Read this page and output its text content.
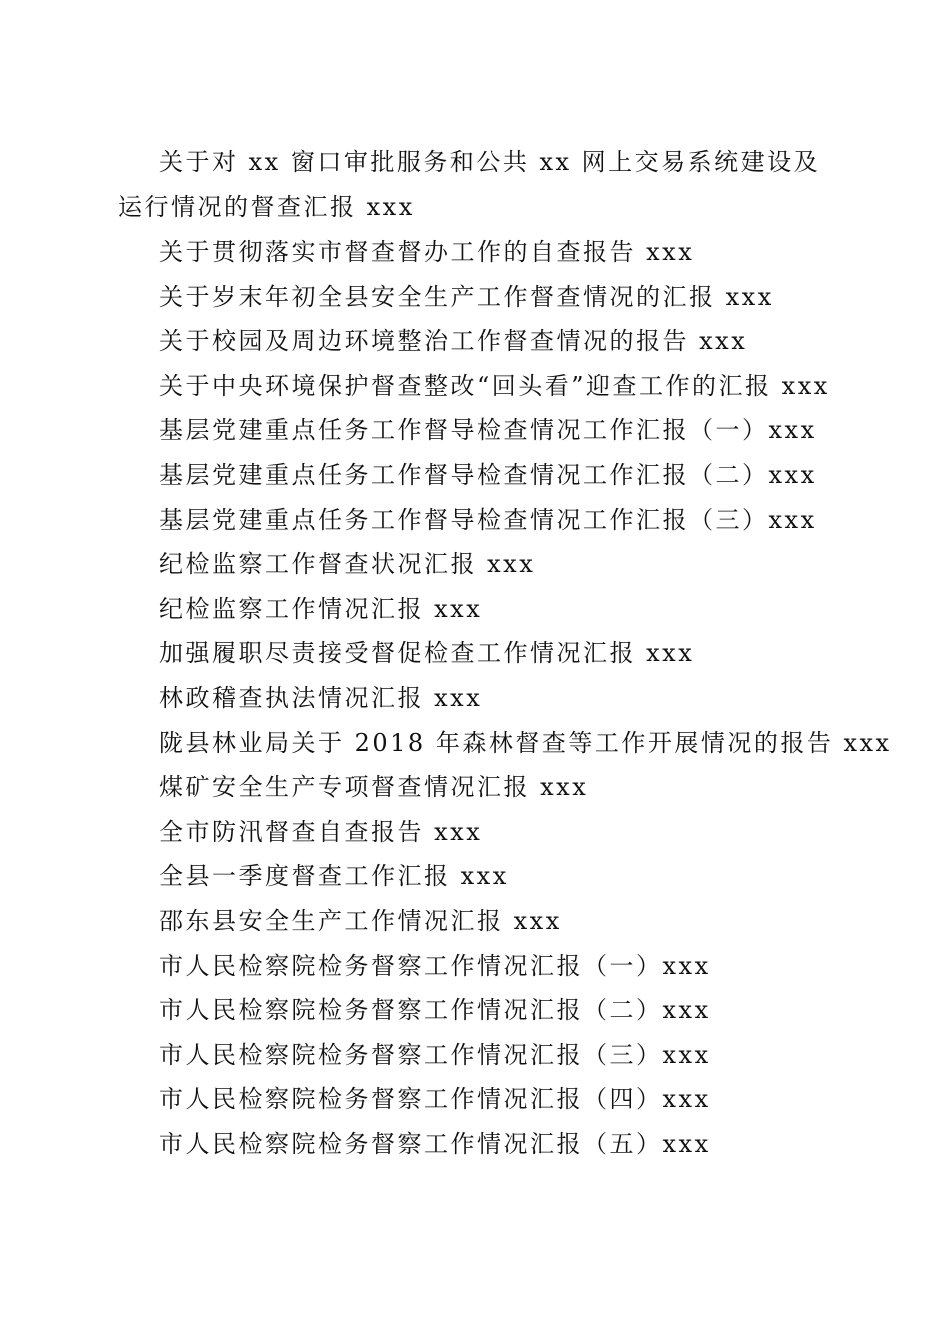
关于对 xx 窗口审批服务和公共 xx 网上交易系统建设及运行情况的督查汇报 xxx
关于贯彻落实市督查督办工作的自查报告 xxx
关于岁末年初全县安全生产工作督查情况的汇报 xxx
关于校园及周边环境整治工作督查情况的报告 xxx
关于中央环境保护督查整改“回头看”迎查工作的汇报 xxx
基层党建重点任务工作督导检查情况工作汇报（一）xxx
基层党建重点任务工作督导检查情况工作汇报（二）xxx
基层党建重点任务工作督导检查情况工作汇报（三）xxx
纪检监察工作督查状况汇报 xxx
纪检监察工作情况汇报 xxx
加强履职尽责接受督促检查工作情况汇报 xxx
林政稽查执法情况汇报 xxx
陇县林业局关于 2018 年森林督查等工作开展情况的报告 xxx
煤矿安全生产专项督查情况汇报 xxx
全市防汛督查自查报告 xxx
全县一季度督查工作汇报 xxx
邵东县安全生产工作情况汇报 xxx
市人民检察院检务督察工作情况汇报（一）xxx
市人民检察院检务督察工作情况汇报（二）xxx
市人民检察院检务督察工作情况汇报（三）xxx
市人民检察院检务督察工作情况汇报（四）xxx
市人民检察院检务督察工作情况汇报（五）xxx
